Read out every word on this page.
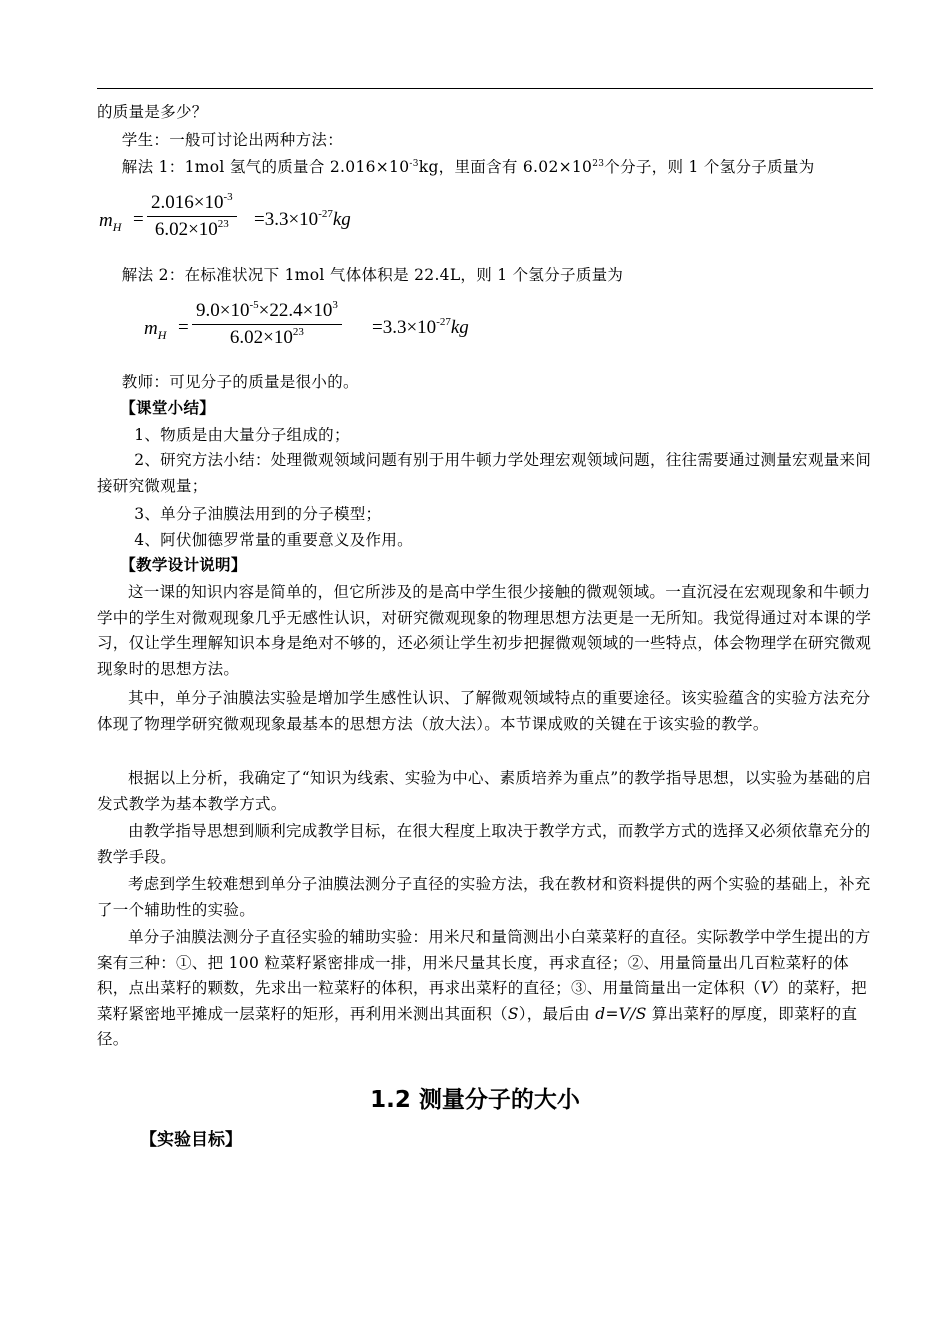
的质量是多少？
学生：一般可讨论出两种方法：
解法 1：1mol 氢气的质量合 $2.016\times 10^{-3}kg$，里面含有 $6.02\times 10^{23}$个分子，则 1 个氢分子质量为
$m_H = \frac{2.016\times 10^{-3}}{6.02\times 10^{23}} =3.3\times 10^{-27}kg$
解法 2：在标准状况下 1mol 气体体积是 22.4L，则 1 个氢分子质量为
$m_H = \frac{9.0\times 10^{-5}\times 22.4\times 10^3}{6.02\times 10^{23}} =3.3\times 10^{-27}kg$
教师：可见分子的质量是很小的。
【课堂小结】
1、物质是由大量分子组成的；
2、研究方法小结：处理微观领域问题有别于用牛顿力学处理宏观领域问题，往往需要通过测量宏观量来间接研究微观量；
3、单分子油膜法用到的分子模型；
4、阿伏伽德罗常量的重要意义及作用。
【教学设计说明】
这一课的知识内容是简单的，但它所涉及的是高中学生很少接触的微观领域。一直沉浸在宏观现象和牛顿力学中的学生对微观现象几乎无感性认识，对研究微观现象的物理思想方法更是一无所知。我觉得通过对本课的学习，仅让学生理解知识本身是绝对不够的，还必须让学生初步把握微观领域的一些特点，体会物理学在研究微观现象时的思想方法。
其中，单分子油膜法实验是增加学生感性认识、了解微观领域特点的重要途径。该实验蕴含的实验方法充分体现了物理学研究微观现象最基本的思想方法（放大法）。本节课成败的关键在于该实验的教学。
根据以上分析，我确定了“知识为线索、实验为中心、素质培养为重点”的教学指导思想，以实验为基础的启发式教学为基本教学方式。
由教学指导思想到顺利完成教学目标，在很大程度上取决于教学方式，而教学方式的选择又必须依靠充分的教学手段。
考虑到学生较难想到单分子油膜法测分子直径的实验方法，我在教材和资料提供的两个实验的基础上，补充了一个辅助性的实验。
单分子油膜法测分子直径实验的辅助实验：用米尺和量筒测出小白菜菜籽的直径。实际教学中学生提出的方案有三种：①、把 100 粒菜籽紧密排成一排，用米尺量其长度，再求直径；②、用量筒量出几百粒菜籽的体积，点出菜籽的颗数，先求出一粒菜籽的体积，再求出菜籽的直径；③、用量筒量出一定体积（V）的菜籽，把菜籽紧密地平摊成一层菜籽的矩形，再利用米测出其面积（S），最后由 d=V/S 算出菜籽的厚度，即菜籽的直径。
1.2 测量分子的大小
【实验目标】
